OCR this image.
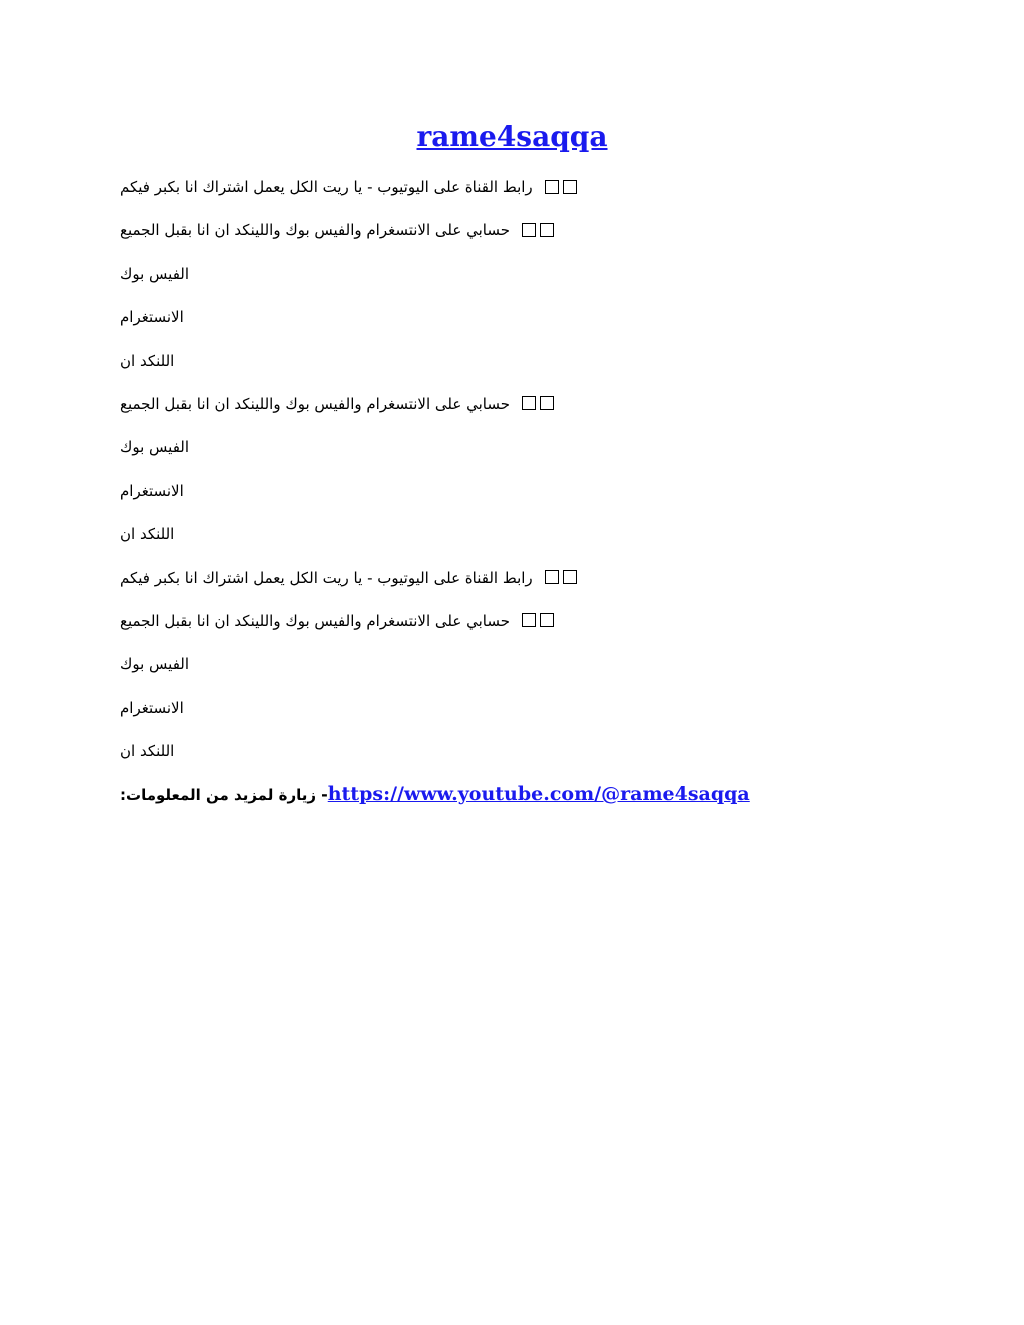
rame4saqqa
رابط القناة على اليوتيوب - يا ريت الكل يعمل اشتراك انا بكبر فيكم
حسابي على الانتسغرام والفيس بوك واللينكد ان انا بقبل الجميع
الفيس بوك
الانستغرام
اللنكد ان
حسابي على الانتسغرام والفيس بوك واللينكد ان انا بقبل الجميع
الفيس بوك
الانستغرام
اللنكد ان
رابط القناة على اليوتيوب - يا ريت الكل يعمل اشتراك انا بكبر فيكم
حسابي على الانتسغرام والفيس بوك واللينكد ان انا بقبل الجميع
الفيس بوك
الانستغرام
اللنكد ان
زيارة لمزيد من المعلومات: -https://www.youtube.com/@rame4saqqa
